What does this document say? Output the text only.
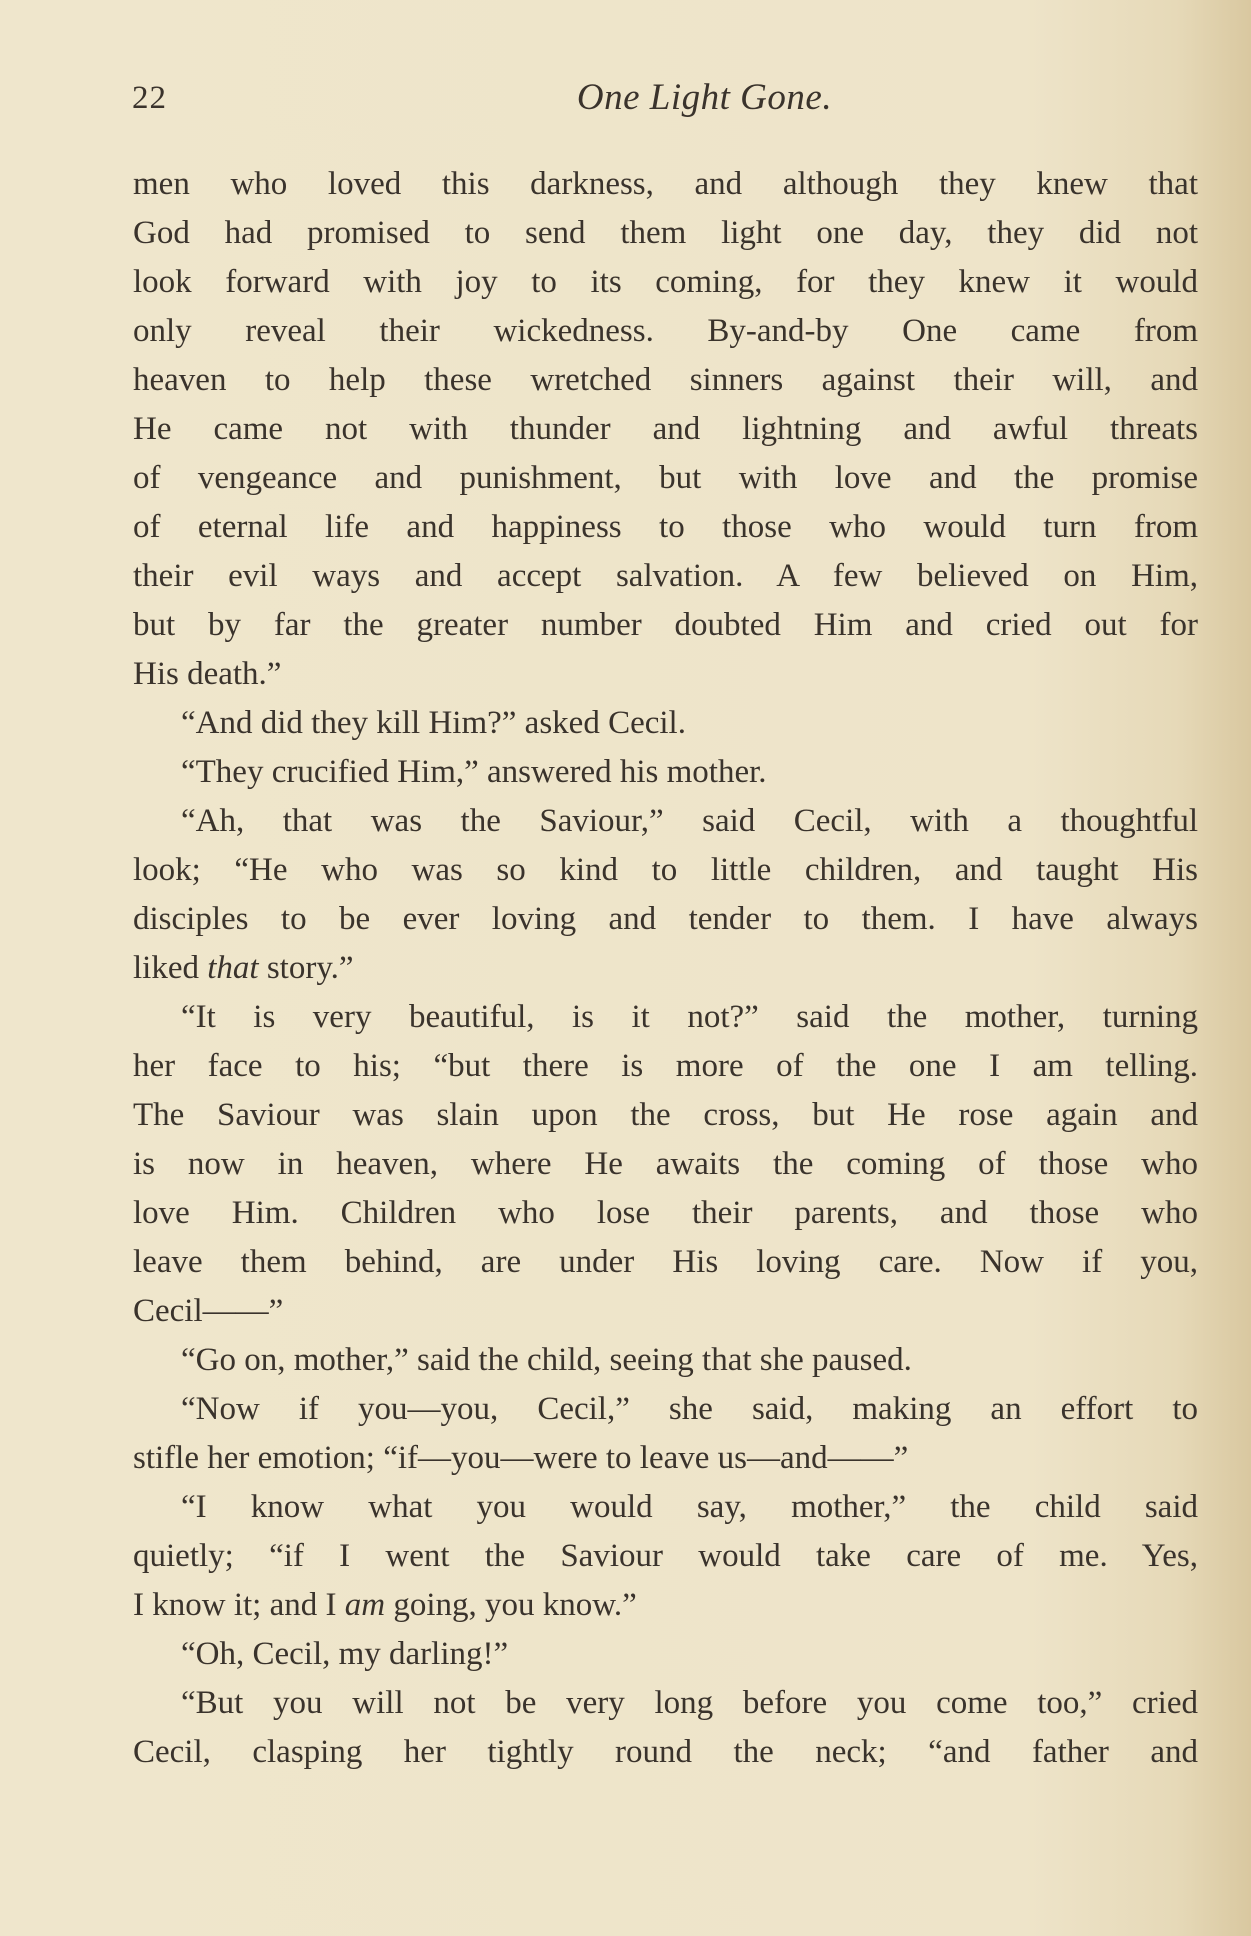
22	One Light Gone.
men who loved this darkness, and although they knew that
God had promised to send them light one day, they did not
look forward with joy to its coming, for they knew it would
only reveal their wickedness. By-and-by One came from
heaven to help these wretched sinners against their will, and
He came not with thunder and lightning and awful threats
of vengeance and punishment, but with love and the promise
of eternal life and happiness to those who would turn from
their evil ways and accept salvation. A few believed on Him,
but by far the greater number doubted Him and cried out for
His death.”
“And did they kill Him?” asked Cecil.
“They crucified Him,” answered his mother.
“Ah, that was the Saviour,” said Cecil, with a thoughtful
look; “He who was so kind to little children, and taught His
disciples to be ever loving and tender to them. I have always
liked that story.”
“It is very beautiful, is it not?” said the mother, turning
her face to his; “but there is more of the one I am telling.
The Saviour was slain upon the cross, but He rose again and
is now in heaven, where He awaits the coming of those who
love Him. Children who lose their parents, and those who
leave them behind, are under His loving care. Now if you,
Cecil——”
“Go on, mother,” said the child, seeing that she paused.
“Now if you—you, Cecil,” she said, making an effort to
stifle her emotion; “if—you—were to leave us—and——”
“I know what you would say, mother,” the child said
quietly; “if I went the Saviour would take care of me. Yes,
I know it; and I am going, you know.”
“Oh, Cecil, my darling!”
“But you will not be very long before you come too,” cried
Cecil, clasping her tightly round the neck; “and father and
